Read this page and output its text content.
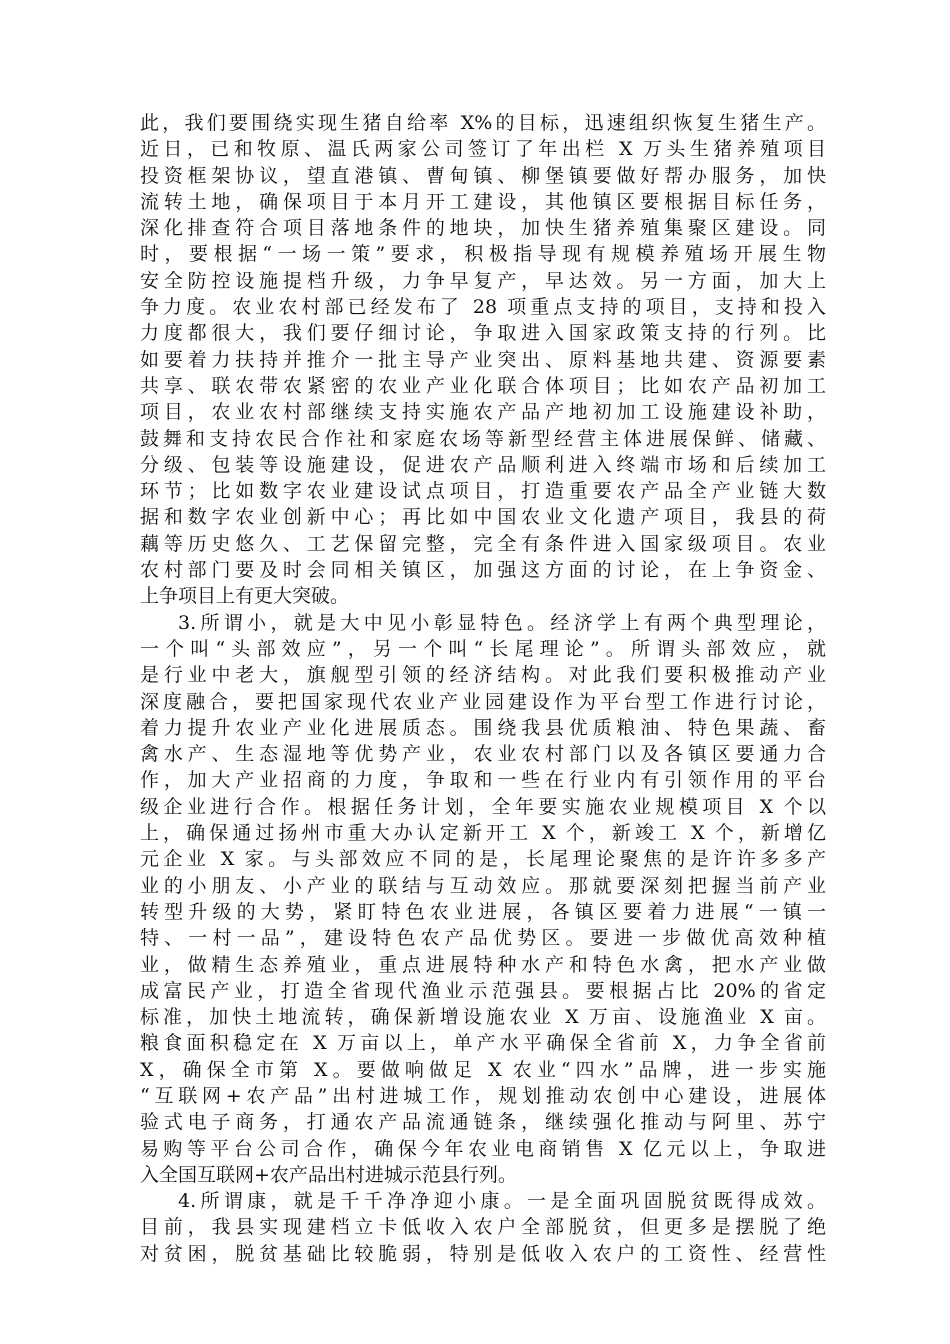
此，我们要围绕实现生猪自给率 X%的目标，迅速组织恢复生猪生产。
近日，已和牧原、温氏两家公司签订了年出栏 X 万头生猪养殖项目
投资框架协议，望直港镇、曹甸镇、柳堡镇要做好帮办服务，加快
流转土地，确保项目于本月开工建设，其他镇区要根据目标任务，
深化排查符合项目落地条件的地块，加快生猪养殖集聚区建设。同
时，要根据“一场一策”要求，积极指导现有规模养殖场开展生物
安全防控设施提档升级，力争早复产，早达效。另一方面，加大上
争力度。农业农村部已经发布了 28 项重点支持的项目，支持和投入
力度都很大，我们要仔细讨论，争取进入国家政策支持的行列。比
如要着力扶持并推介一批主导产业突出、原料基地共建、资源要素
共享、联农带农紧密的农业产业化联合体项目；比如农产品初加工
项目，农业农村部继续支持实施农产品产地初加工设施建设补助，
鼓舞和支持农民合作社和家庭农场等新型经营主体进展保鲜、储藏、
分级、包装等设施建设，促进农产品顺利进入终端市场和后续加工
环节；比如数字农业建设试点项目，打造重要农产品全产业链大数
据和数字农业创新中心；再比如中国农业文化遗产项目，我县的荷
藕等历史悠久、工艺保留完整，完全有条件进入国家级项目。农业
农村部门要及时会同相关镇区，加强这方面的讨论，在上争资金、
上争项目上有更大突破。
3.所谓小，就是大中见小彰显特色。经济学上有两个典型理论，
一个叫“头部效应”，另一个叫“长尾理论”。所谓头部效应，就
是行业中老大，旗舰型引领的经济结构。对此我们要积极推动产业
深度融合，要把国家现代农业产业园建设作为平台型工作进行讨论，
着力提升农业产业化进展质态。围绕我县优质粮油、特色果蔬、畜
禽水产、生态湿地等优势产业，农业农村部门以及各镇区要通力合
作，加大产业招商的力度，争取和一些在行业内有引领作用的平台
级企业进行合作。根据任务计划，全年要实施农业规模项目 X 个以
上，确保通过扬州市重大办认定新开工 X 个，新竣工 X 个，新增亿
元企业 X 家。与头部效应不同的是，长尾理论聚焦的是许许多多产
业的小朋友、小产业的联结与互动效应。那就要深刻把握当前产业
转型升级的大势，紧盯特色农业进展，各镇区要着力进展“一镇一
特、一村一品”，建设特色农产品优势区。要进一步做优高效种植
业，做精生态养殖业，重点进展特种水产和特色水禽，把水产业做
成富民产业，打造全省现代渔业示范强县。要根据占比 20%的省定
标准，加快土地流转，确保新增设施农业 X 万亩、设施渔业 X 亩。
粮食面积稳定在 X 万亩以上，单产水平确保全省前 X，力争全省前
X，确保全市第 X。要做响做足 X 农业“四水”品牌，进一步实施
“互联网+农产品”出村进城工作，规划推动农创中心建设，进展体
验式电子商务，打通农产品流通链条，继续强化推动与阿里、苏宁
易购等平台公司合作，确保今年农业电商销售 X 亿元以上，争取进
入全国互联网+农产品出村进城示范县行列。
4.所谓康，就是千千净净迎小康。一是全面巩固脱贫既得成效。
目前，我县实现建档立卡低收入农户全部脱贫，但更多是摆脱了绝
对贫困，脱贫基础比较脆弱，特别是低收入农户的工资性、经营性
